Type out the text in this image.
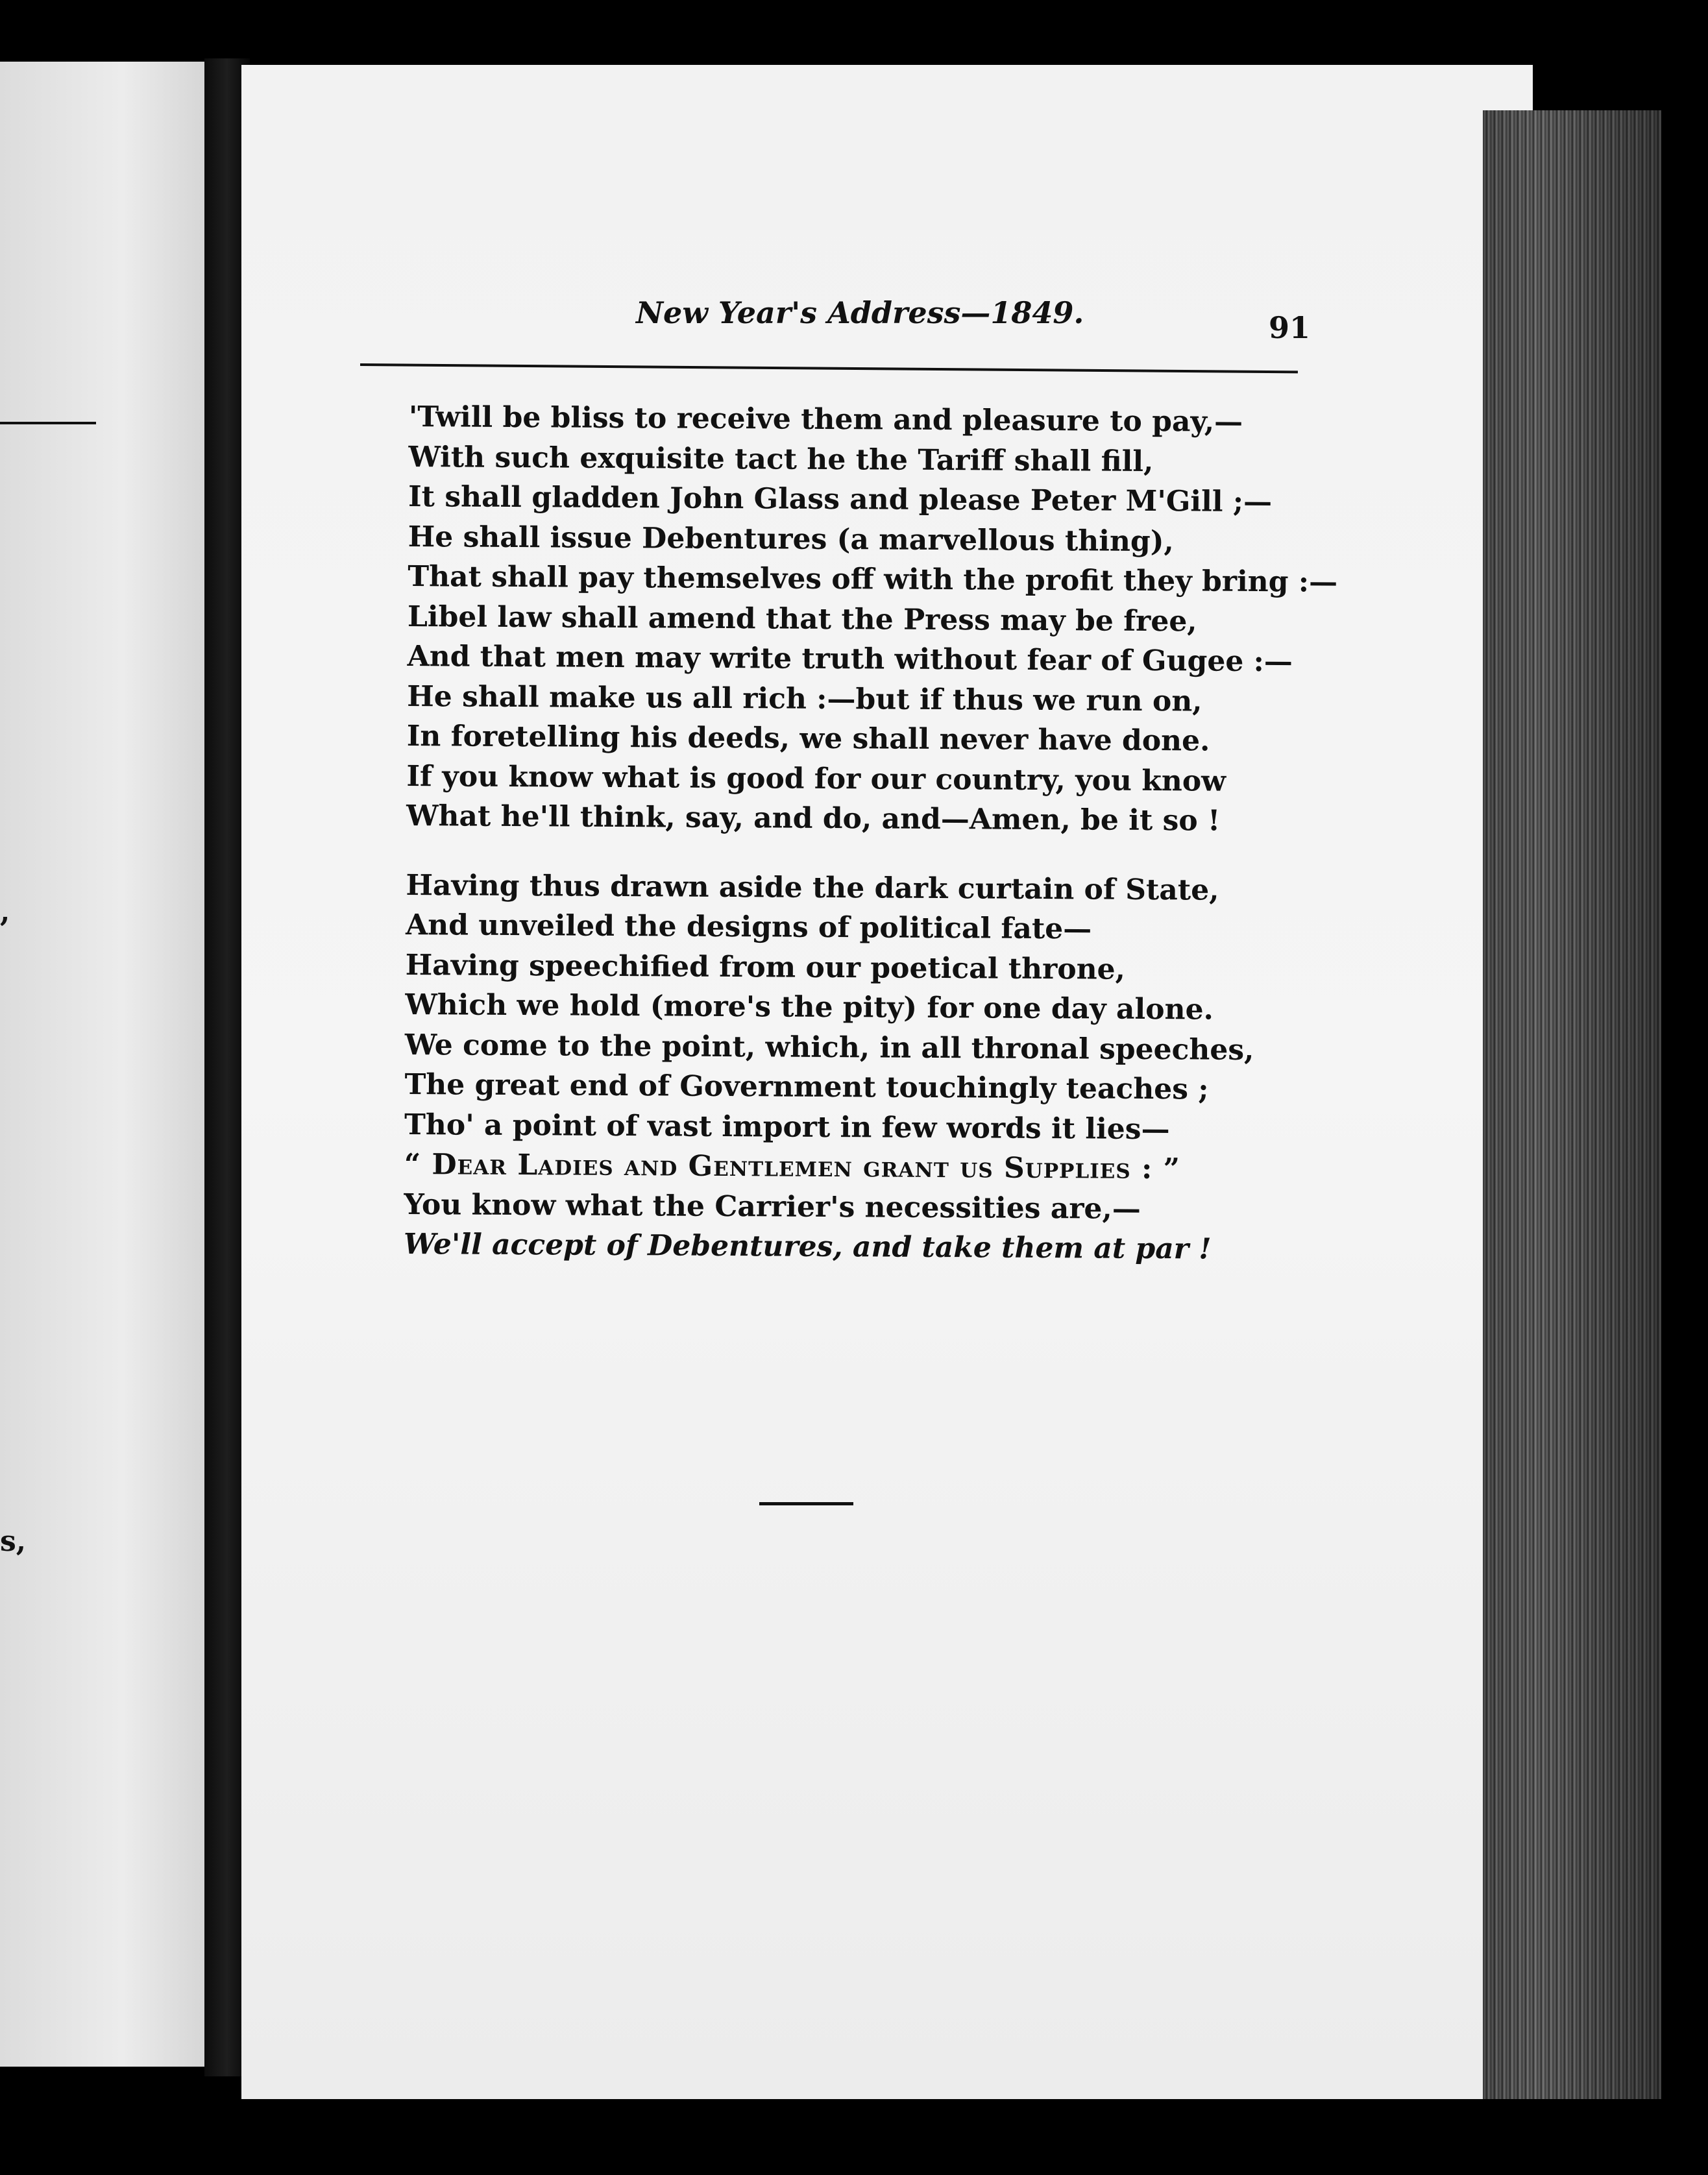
,
s,
New Year's Address—1849.	91
'Twill be bliss to receive them and pleasure to pay,—
With such exquisite tact he the Tariff shall fill,
It shall gladden John Glass and please Peter M'Gill ;—
He shall issue Debentures (a marvellous thing),
That shall pay themselves off with the profit they bring :—
Libel law shall amend that the Press may be free,
And that men may write truth without fear of Gugee :—
He shall make us all rich :—but if thus we run on,
In foretelling his deeds, we shall never have done.
If you know what is good for our country, you know
What he'll think, say, and do, and—Amen, be it so !
Having thus drawn aside the dark curtain of State,
And unveiled the designs of political fate—
Having speechified from our poetical throne,
Which we hold (more's the pity) for one day alone.
We come to the point, which, in all thronal speeches,
The great end of Government touchingly teaches ;
Tho' a point of vast import in few words it lies—
“ Dear Ladies and Gentlemen grant us Supplies : ”
You know what the Carrier's necessities are,—
We'll accept of Debentures, and take them at par !
